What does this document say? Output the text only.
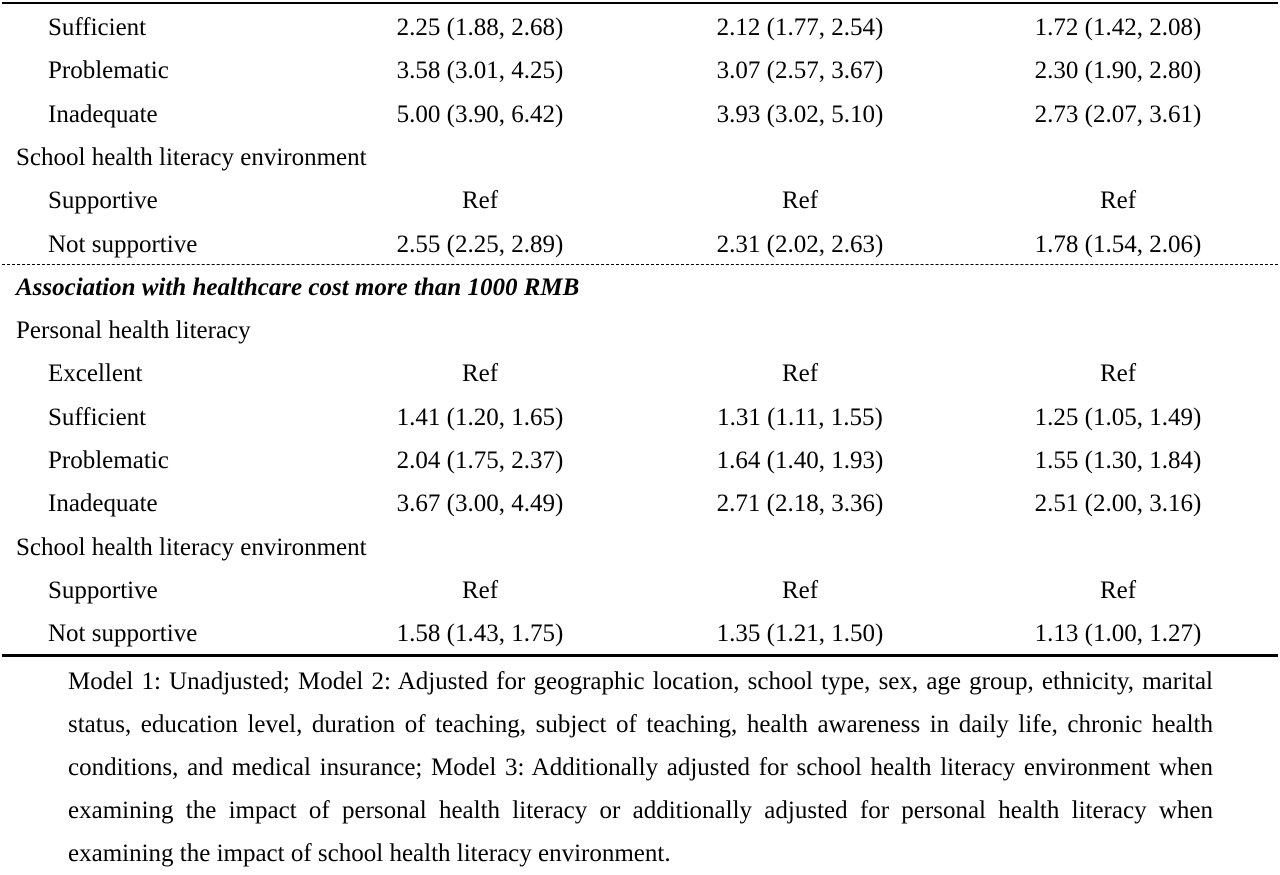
Sufficient	2.25 (1.88, 2.68)	2.12 (1.77, 2.54)	1.72 (1.42, 2.08)
Problematic	3.58 (3.01, 4.25)	3.07 (2.57, 3.67)	2.30 (1.90, 2.80)
Inadequate	5.00 (3.90, 6.42)	3.93 (3.02, 5.10)	2.73 (2.07, 3.61)
School health literacy environment
Supportive	Ref	Ref	Ref
Not supportive	2.55 (2.25, 2.89)	2.31 (2.02, 2.63)	1.78 (1.54, 2.06)
Association with healthcare cost more than 1000 RMB
Personal health literacy
Excellent	Ref	Ref	Ref
Sufficient	1.41 (1.20, 1.65)	1.31 (1.11, 1.55)	1.25 (1.05, 1.49)
Problematic	2.04 (1.75, 2.37)	1.64 (1.40, 1.93)	1.55 (1.30, 1.84)
Inadequate	3.67 (3.00, 4.49)	2.71 (2.18, 3.36)	2.51 (2.00, 3.16)
School health literacy environment
Supportive	Ref	Ref	Ref
Not supportive	1.58 (1.43, 1.75)	1.35 (1.21, 1.50)	1.13 (1.00, 1.27)
Model 1: Unadjusted; Model 2: Adjusted for geographic location, school type, sex, age group, ethnicity, marital status, education level, duration of teaching, subject of teaching, health awareness in daily life, chronic health conditions, and medical insurance; Model 3: Additionally adjusted for school health literacy environment when examining the impact of personal health literacy or additionally adjusted for personal health literacy when examining the impact of school health literacy environment.
